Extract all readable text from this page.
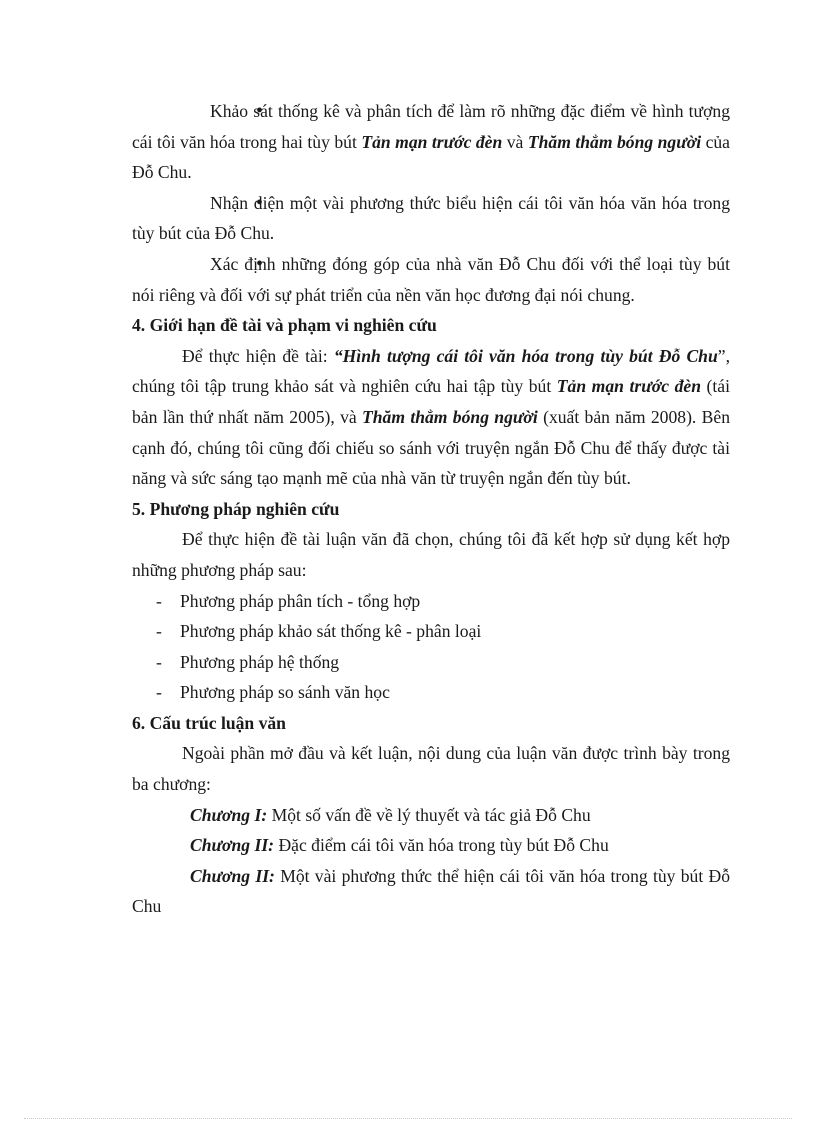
Khảo sát thống kê và phân tích để làm rõ những đặc điểm về hình tượng cái tôi văn hóa trong hai tùy bút Tản mạn trước đèn và Thăm thẳm bóng người của Đỗ Chu.

Nhận diện một vài phương thức biểu hiện cái tôi văn hóa văn hóa trong tùy bút của Đỗ Chu.

Xác định những đóng góp của nhà văn Đỗ Chu đối với thể loại tùy bút nói riêng và đối với sự phát triển của nền văn học đương đại nói chung.

4. Giới hạn đề tài và phạm vi nghiên cứu

Để thực hiện đề tài: “Hình tượng cái tôi văn hóa trong tùy bút Đỗ Chu”, chúng tôi tập trung khảo sát và nghiên cứu hai tập tùy bút Tản mạn trước đèn (tái bản lần thứ nhất năm 2005), và Thăm thẳm bóng người (xuất bản năm 2008). Bên cạnh đó, chúng tôi cũng đối chiếu so sánh với truyện ngắn Đỗ Chu để thấy được tài năng và sức sáng tạo mạnh mẽ của nhà văn từ truyện ngắn đến tùy bút.

5. Phương pháp nghiên cứu

Để thực hiện đề tài luận văn đã chọn, chúng tôi đã kết hợp sử dụng kết hợp những phương pháp sau:

-	Phương pháp phân tích - tổng hợp
-	Phương pháp khảo sát thống kê - phân loại
-	Phương pháp hệ thống
-	Phương pháp so sánh văn học
6. Cấu trúc luận văn

Ngoài phần mở đầu và kết luận, nội dung của luận văn được trình bày trong ba chương:

Chương I: Một số vấn đề về lý thuyết và tác giả Đỗ Chu

Chương II: Đặc điểm cái tôi văn hóa trong tùy bút Đỗ Chu

Chương II: Một vài phương thức thể hiện cái tôi văn hóa trong tùy bút Đỗ Chu
